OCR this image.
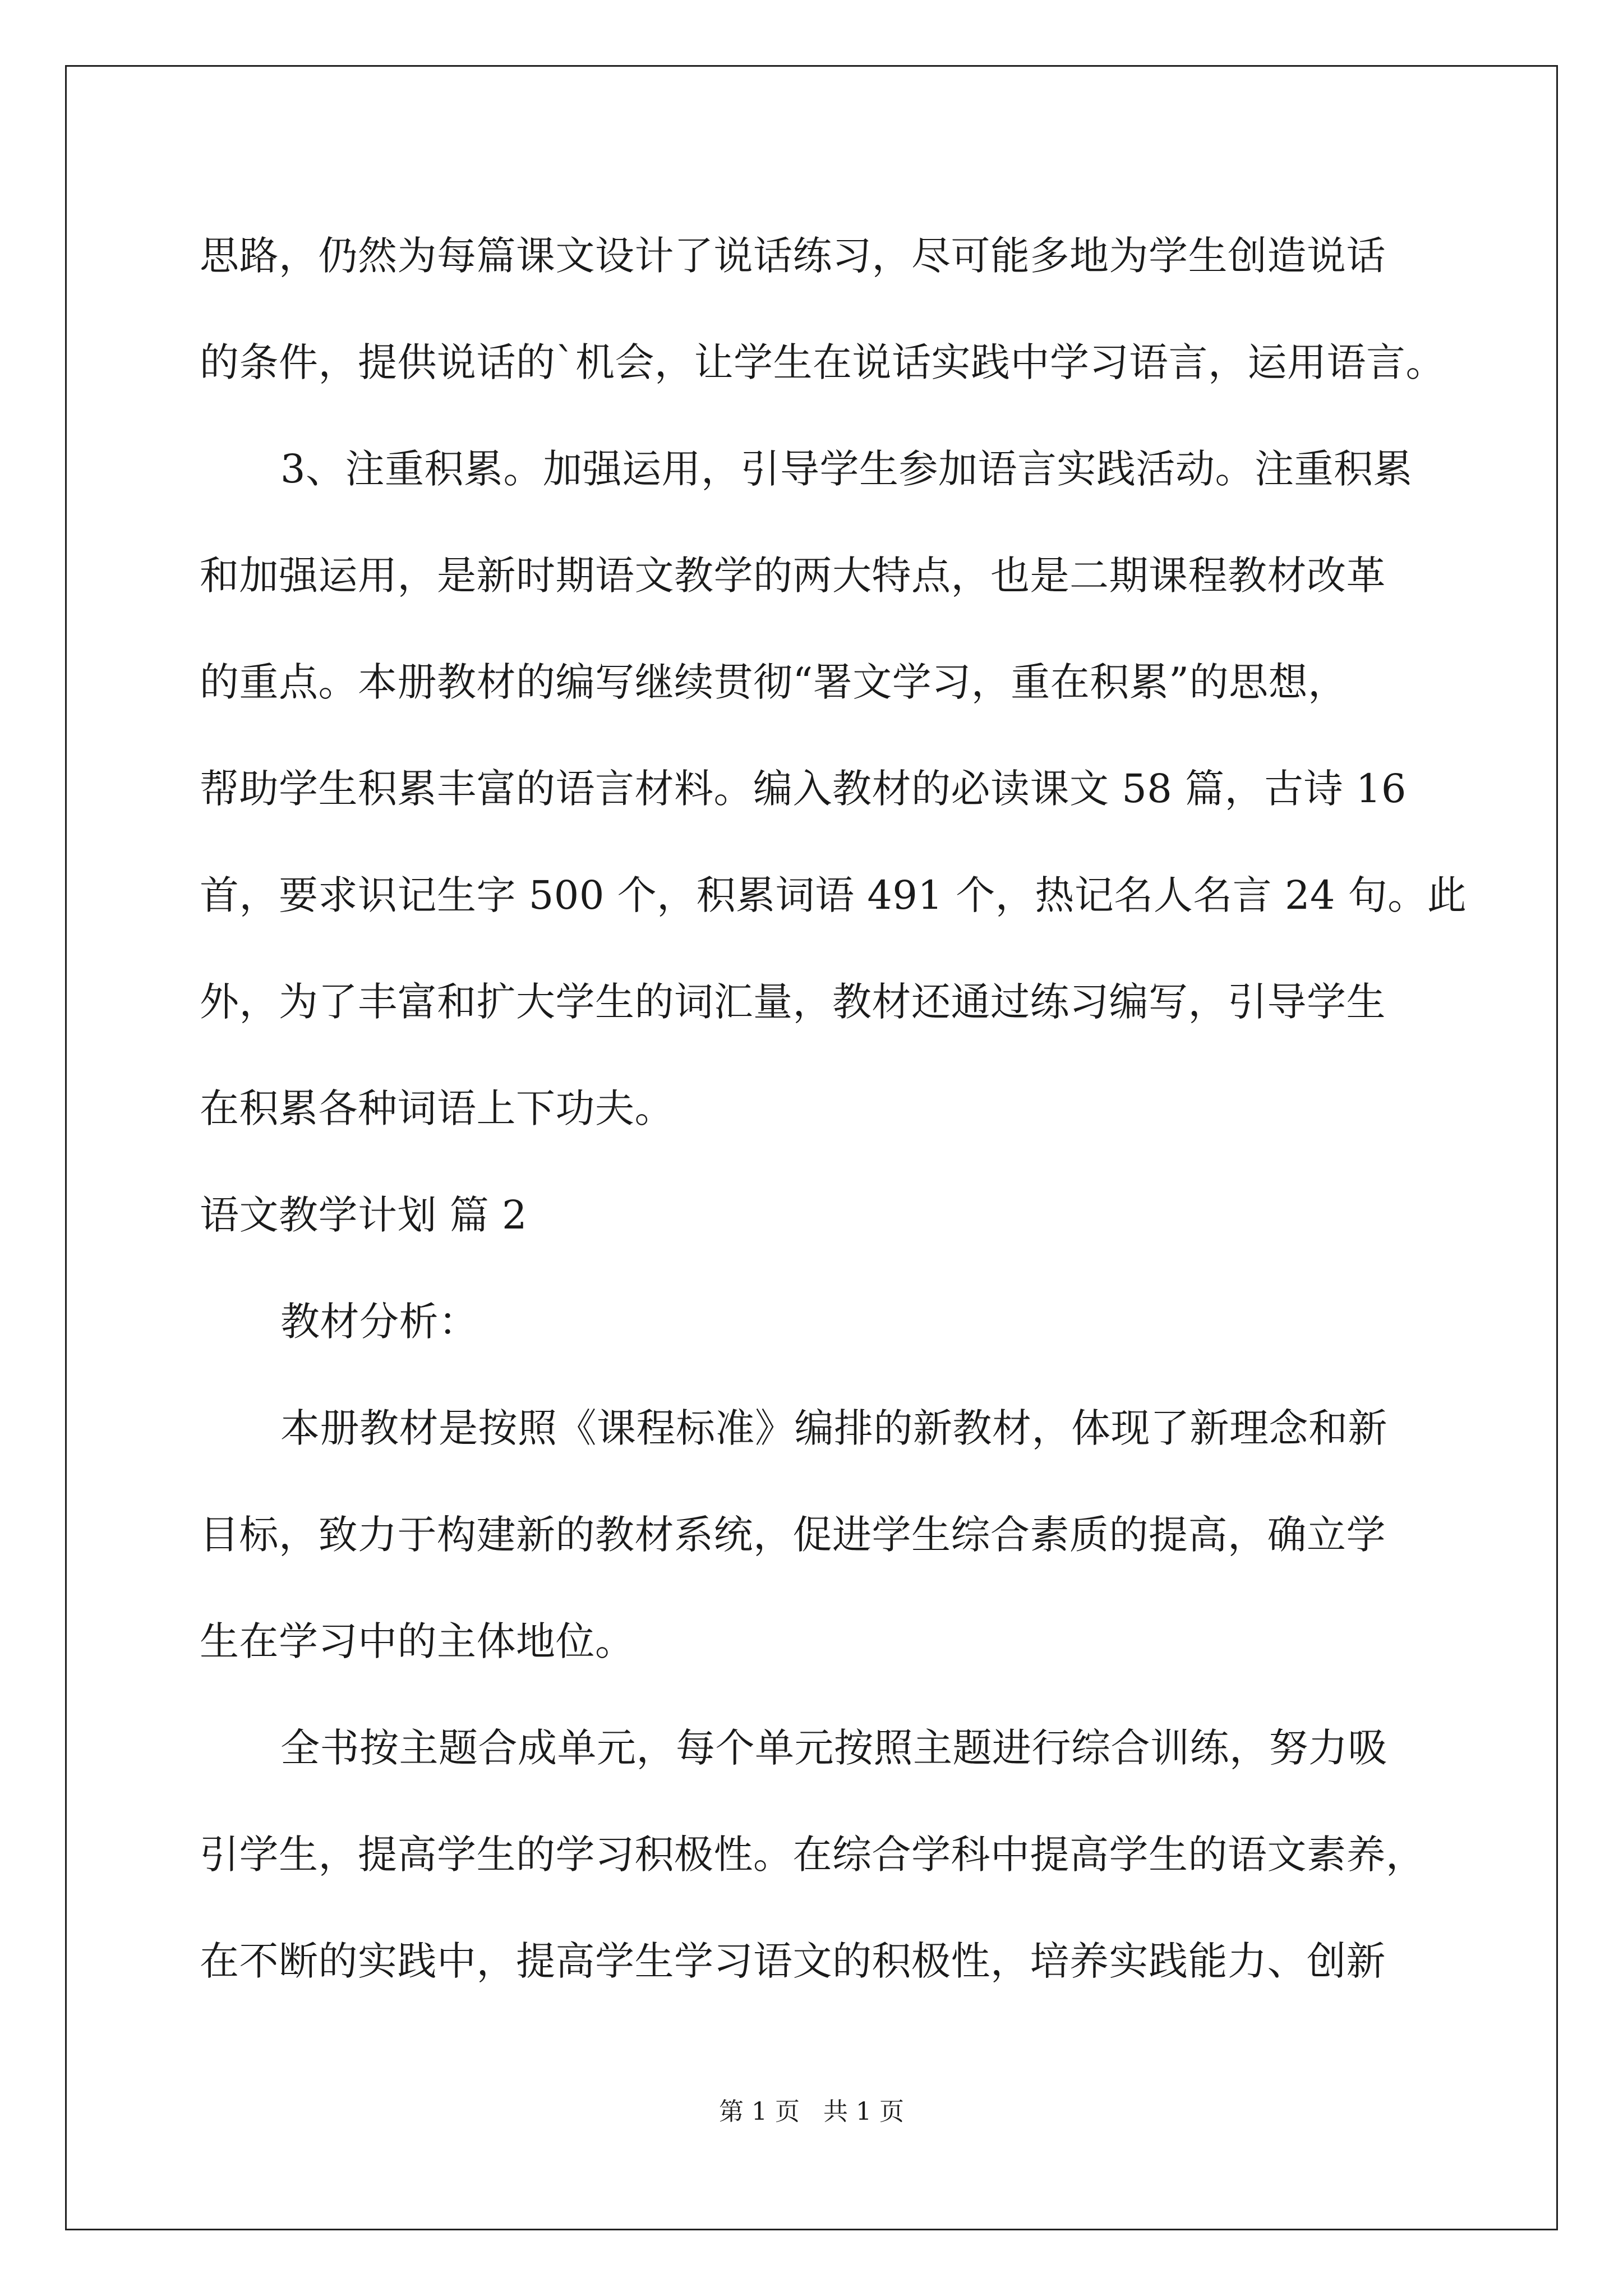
思路，仍然为每篇课文设计了说话练习，尽可能多地为学生创造说话
的条件，提供说话的`机会，让学生在说话实践中学习语言，运用语言。
3、注重积累。加强运用，引导学生参加语言实践活动。注重积累
和加强运用，是新时期语文教学的两大特点，也是二期课程教材改革
的重点。本册教材的编写继续贯彻“署文学习，重在积累”的思想，
帮助学生积累丰富的语言材料。编入教材的必读课文 58 篇，古诗 16
首，要求识记生字 500 个，积累词语 491 个，热记名人名言 24 句。此
外，为了丰富和扩大学生的词汇量，教材还通过练习编写，引导学生
在积累各种词语上下功夫。
语文教学计划 篇 2
教材分析：
本册教材是按照《课程标准》编排的新教材，体现了新理念和新
目标，致力于构建新的教材系统，促进学生综合素质的提高，确立学
生在学习中的主体地位。
全书按主题合成单元，每个单元按照主题进行综合训练，努力吸
引学生，提高学生的学习积极性。在综合学科中提高学生的语文素养，
在不断的实践中，提高学生学习语文的积极性，培养实践能力、创新
第 1 页   共 1 页
